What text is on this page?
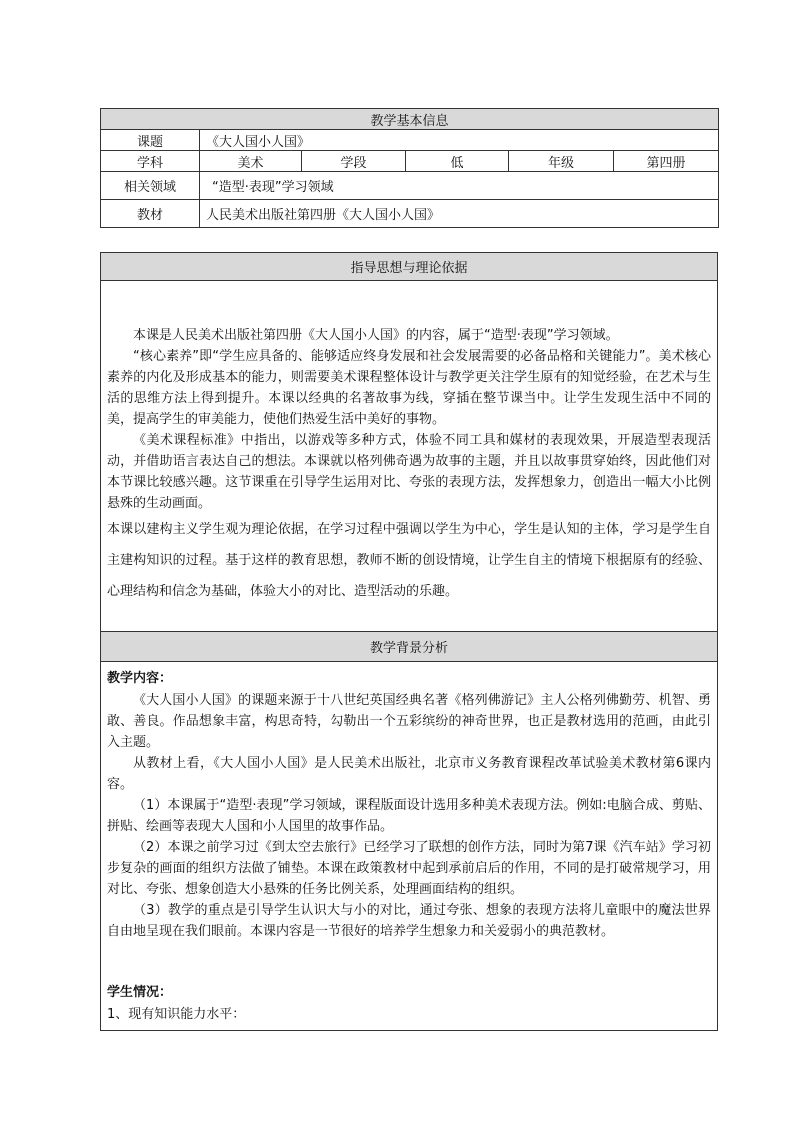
教学基本信息					
课题	《大人国小人国》				
学科	美术	学段	低	年级	第四册
相关领域	“造型·表现”学习领域				
教材	人民美术出版社第四册《大人国小人国》				
指导思想与理论依据

本课是人民美术出版社第四册《大人国小人国》的内容，属于“造型·表现”学习领域。

“核心素养”即“学生应具备的、能够适应终身发展和社会发展需要的必备品格和关键能力”。美术核心素养的内化及形成基本的能力，则需要美术课程整体设计与教学更关注学生原有的知觉经验，在艺术与生活的思维方法上得到提升。本课以经典的名著故事为线，穿插在整节课当中。让学生发现生活中不同的美，提高学生的审美能力，使他们热爱生活中美好的事物。

《美术课程标准》中指出，以游戏等多种方式，体验不同工具和媒材的表现效果，开展造型表现活动，并借助语言表达自己的想法。本课就以格列佛奇遇为故事的主题，并且以故事贯穿始终，因此他们对本节课比较感兴趣。这节课重在引导学生运用对比、夸张的表现方法，发挥想象力，创造出一幅大小比例悬殊的生动画面。

本课以建构主义学生观为理论依据，在学习过程中强调以学生为中心，学生是认知的主体，学习是学生自主建构知识的过程。基于这样的教育思想，教师不断的创设情境，让学生自主的情境下根据原有的经验、心理结构和信念为基础，体验大小的对比、造型活动的乐趣。

教学背景分析

教学内容：

《大人国小人国》的课题来源于十八世纪英国经典名著《格列佛游记》主人公格列佛勤劳、机智、勇敢、善良。作品想象丰富，构思奇特，勾勒出一个五彩缤纷的神奇世界，也正是教材选用的范画，由此引入主题。

从教材上看，《大人国小人国》是人民美术出版社，北京市义务教育课程改革试验美术教材第6课内容。

（1）本课属于“造型·表现”学习领域，课程版面设计选用多种美术表现方法。例如:电脑合成、剪贴、拼贴、绘画等表现大人国和小人国里的故事作品。

（2）本课之前学习过《到太空去旅行》已经学习了联想的创作方法，同时为第7课《汽车站》学习初步复杂的画面的组织方法做了铺垫。本课在政策教材中起到承前启后的作用，不同的是打破常规学习，用对比、夸张、想象创造大小悬殊的任务比例关系，处理画面结构的组织。

（3）教学的重点是引导学生认识大与小的对比，通过夸张、想象的表现方法将儿童眼中的魔法世界自由地呈现在我们眼前。本课内容是一节很好的培养学生想象力和关爱弱小的典范教材。

学生情况：

1、现有知识能力水平：
